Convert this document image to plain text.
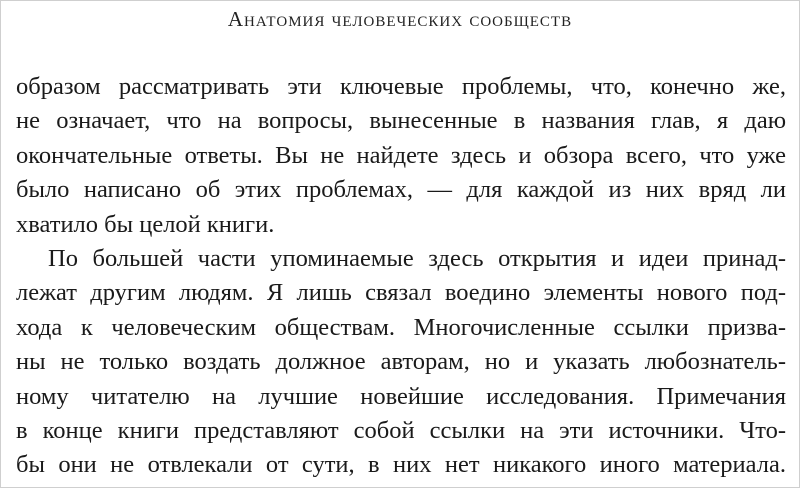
Анатомия человеческих сообществ
образом рассматривать эти ключевые проблемы, что, конечно же,
не означает, что на вопросы, вынесенные в названия глав, я даю
окончательные ответы. Вы не найдете здесь и обзора всего, что уже
было написано об этих проблемах, — для каждой из них вряд ли
хватило бы целой книги.
По большей части упоминаемые здесь открытия и идеи принад-
лежат другим людям. Я лишь связал воедино элементы нового под-
хода к человеческим обществам. Многочисленные ссылки призва-
ны не только воздать должное авторам, но и указать любознатель-
ному читателю на лучшие новейшие исследования. Примечания
в конце книги представляют собой ссылки на эти источники. Что-
бы они не отвлекали от сути, в них нет никакого иного материала.
